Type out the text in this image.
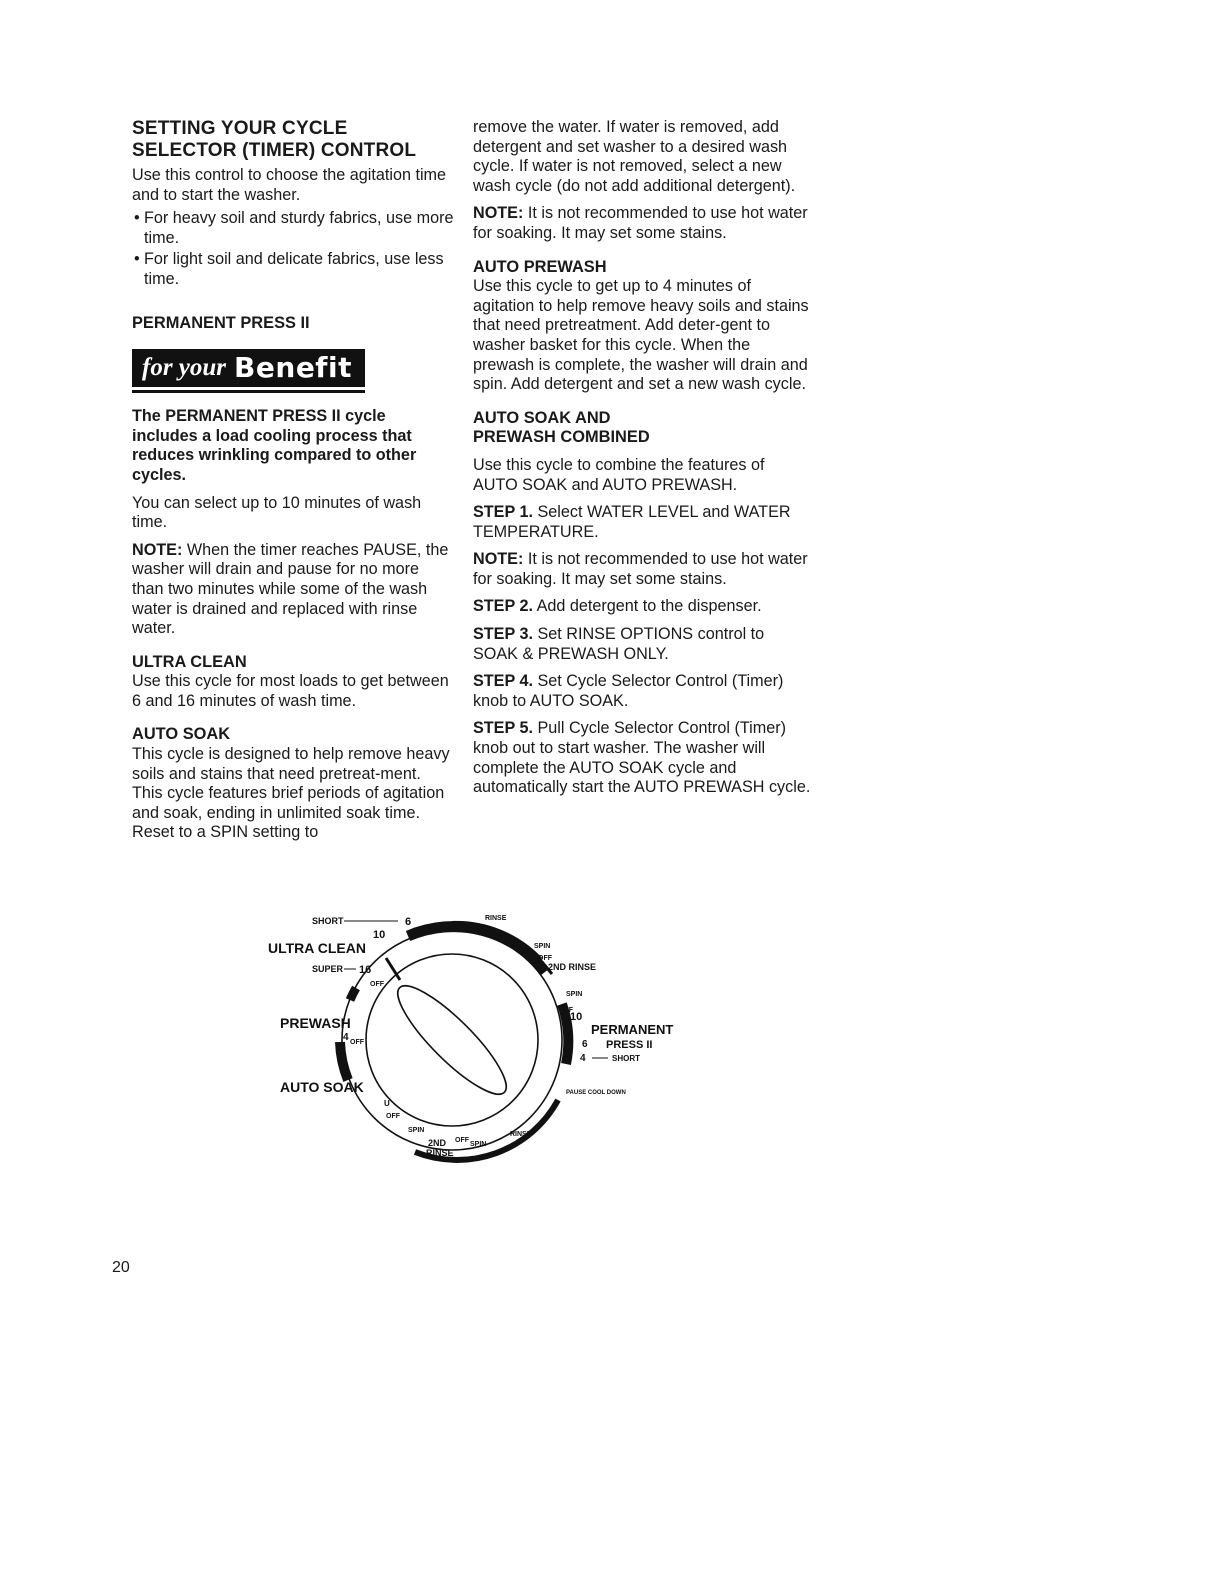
SETTING YOUR CYCLE
SELECTOR (TIMER) CONTROL

Use this control to choose the agitation time and to start the washer.

• For heavy soil and sturdy fabrics, use more time.
• For light soil and delicate fabrics, use less time.
PERMANENT PRESS II
for your Benefit

The PERMANENT PRESS II cycle includes a load cooling process that reduces wrinkling compared to other cycles.

You can select up to 10 minutes of wash time.

NOTE: When the timer reaches PAUSE, the washer will drain and pause for no more than two minutes while some of the wash water is drained and replaced with rinse water.

ULTRA CLEAN

Use this cycle for most loads to get between 6 and 16 minutes of wash time.

AUTO SOAK

This cycle is designed to help remove heavy soils and stains that need pretreat-ment. This cycle features brief periods of agitation and soak, ending in unlimited soak time. Reset to a SPIN setting to

remove the water. If water is removed, add detergent and set washer to a desired wash cycle. If water is not removed, select a new wash cycle (do not add additional detergent).

NOTE: It is not recommended to use hot water for soaking. It may set some stains.

AUTO PREWASH

Use this cycle to get up to 4 minutes of agitation to help remove heavy soils and stains that need pretreatment. Add deter-gent to washer basket for this cycle. When the prewash is complete, the washer will drain and spin. Add detergent and set a new wash cycle.

AUTO SOAK AND
PREWASH COMBINED

Use this cycle to combine the features of AUTO SOAK and AUTO PREWASH.

STEP 1. Select WATER LEVEL and WATER TEMPERATURE.

NOTE: It is not recommended to use hot water for soaking. It may set some stains.

STEP 2. Add detergent to the dispenser.

STEP 3. Set RINSE OPTIONS control to SOAK & PREWASH ONLY.

STEP 4. Set Cycle Selector Control (Timer) knob to AUTO SOAK.

STEP 5. Pull Cycle Selector Control (Timer) knob out to start washer. The washer will complete the AUTO SOAK cycle and automatically start the AUTO PREWASH cycle.

SHORT	6
10
ULTRA CLEAN
SUPER 16
OFF
PREWASH
4 OFF
AUTO SOAK
U
OFF
SPIN
2ND
RINSE
OFF
SPIN
RINSE
RINSE
SPIN
OFF
2ND RINSE
SPIN
OFF
10
PERMANENT
6 PRESS II
4	SHORT
PAUSE COOL DOWN
20
